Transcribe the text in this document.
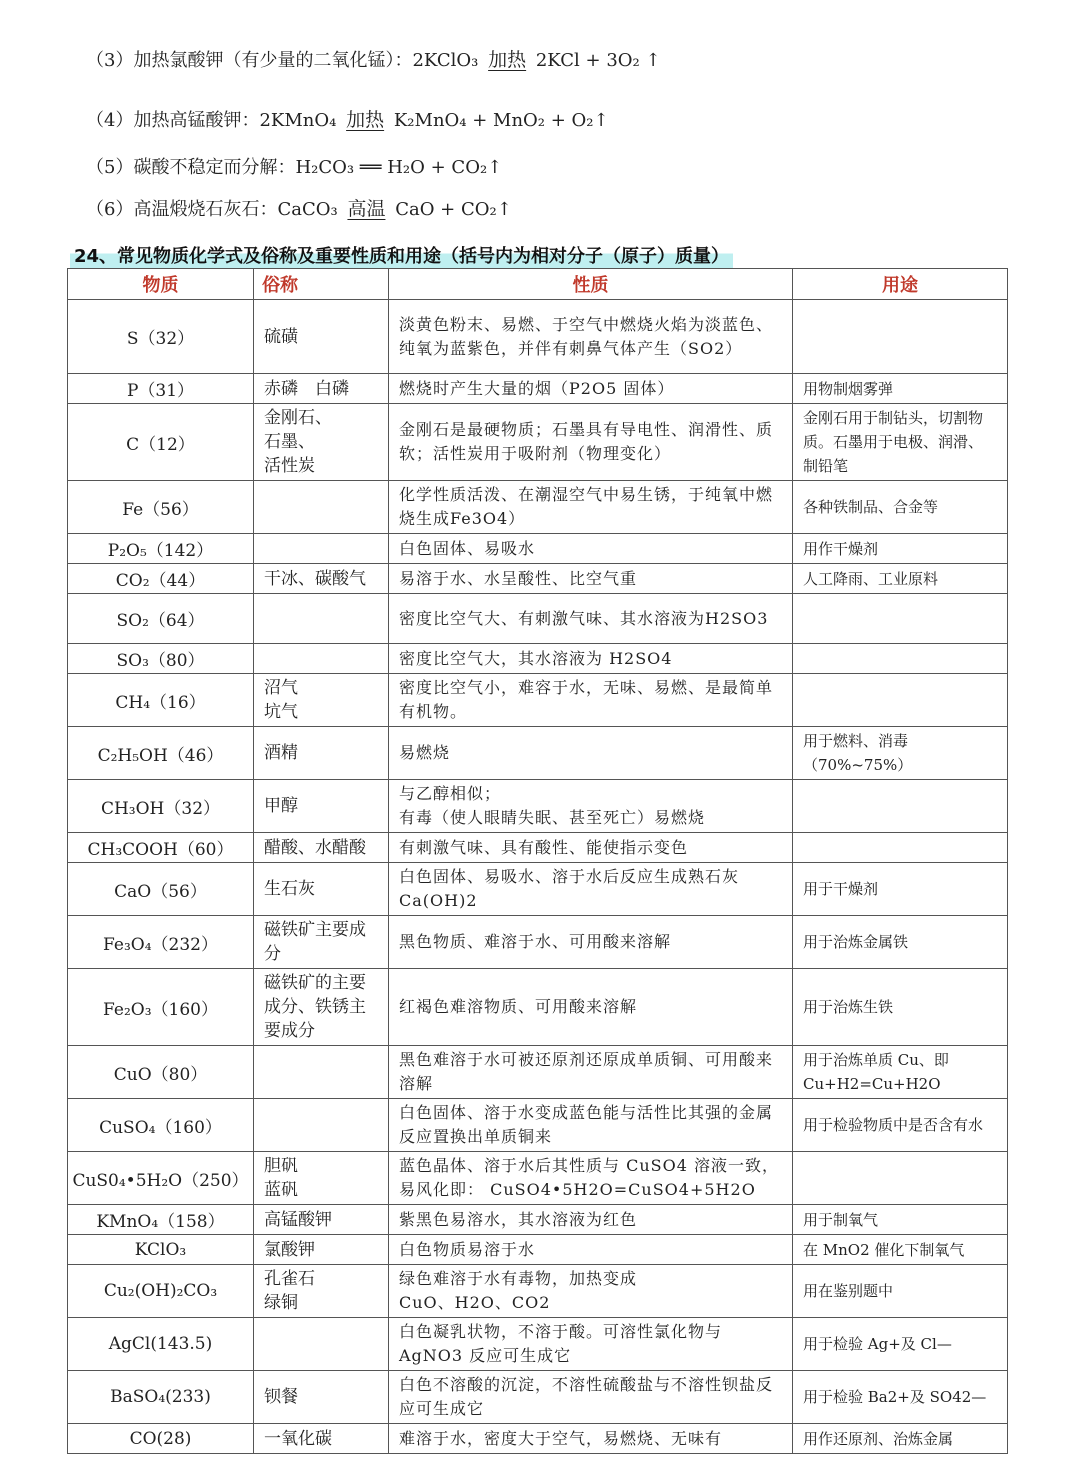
（3）加热氯酸钾（有少量的二氧化锰）：2KClO₃ 加热 2KCl + 3O₂ ↑
（4）加热高锰酸钾：2KMnO₄ 加热 K₂MnO₄ + MnO₂ + O₂↑
（5）碳酸不稳定而分解：H₂CO₃ ══ H₂O + CO₂↑
（6）高温煅烧石灰石：CaCO₃ 高温 CaO + CO₂↑
24、常见物质化学式及俗称及重要性质和用途（括号内为相对分子（原子）质量）
物质	俗称	性质	用途
S（32）	硫磺	淡黄色粉末、易燃、于空气中燃烧火焰为淡蓝色、纯氧为蓝紫色，并伴有刺鼻气体产生（SO2）	
P（31）	赤磷　白磷	燃烧时产生大量的烟（P2O5 固体）	用物制烟雾弹
C（12）	金刚石、
石墨、
活性炭	金刚石是最硬物质；石墨具有导电性、润滑性、质软；活性炭用于吸附剂（物理变化）	金刚石用于制钻头，切割物质。石墨用于电极、润滑、制铅笔
Fe（56）		化学性质活泼、在潮湿空气中易生锈，于纯氧中燃烧生成Fe3O4）	各种铁制品、合金等
P₂O₅（142）		白色固体、易吸水	用作干燥剂
CO₂（44）	干冰、碳酸气	易溶于水、水呈酸性、比空气重	人工降雨、工业原料
SO₂（64）		密度比空气大、有刺激气味、其水溶液为H2SO3	
SO₃（80）		密度比空气大，其水溶液为 H2SO4	
CH₄（16）	沼气
坑气	密度比空气小，难容于水，无味、易燃、是最简单有机物。	
C₂H₅OH（46）	酒精	易燃烧	用于燃料、消毒（70%~75%）
CH₃OH（32）	甲醇	与乙醇相似；
有毒（使人眼睛失眠、甚至死亡）易燃烧	
CH₃COOH（60）	醋酸、水醋酸	有刺激气味、具有酸性、能使指示变色	
CaO（56）	生石灰	白色固体、易吸水、溶于水后反应生成熟石灰 Ca(OH)2	用于干燥剂
Fe₃O₄（232）	磁铁矿主要成分	黑色物质、难溶于水、可用酸来溶解	用于治炼金属铁
Fe₂O₃（160）	磁铁矿的主要成分、铁锈主要成分	红褐色难溶物质、可用酸来溶解	用于治炼生铁
CuO（80）		黑色难溶于水可被还原剂还原成单质铜、可用酸来溶解	用于治炼单质 Cu、即Cu+H2=Cu+H2O
CuSO₄（160）		白色固体、溶于水变成蓝色能与活性比其强的金属反应置换出单质铜来	用于检验物质中是否含有水
CuS0₄•5H₂O（250）	胆矾
蓝矾	蓝色晶体、溶于水后其性质与 CuSO4 溶液一致，易风化即： CuSO4•5H2O=CuSO4+5H2O	
KMnO₄（158）	高锰酸钾	紫黑色易溶水，其水溶液为红色	用于制氧气
KClO₃	氯酸钾	白色物质易溶于水	在 MnO2 催化下制氧气
Cu₂(OH)₂CO₃	孔雀石
绿铜	绿色难溶于水有毒物，加热变成
CuO、H2O、CO2	用在鉴别题中
AgCl(143.5)		白色凝乳状物，不溶于酸。可溶性氯化物与 AgNO3 反应可生成它	用于检验 Ag+及 Cl—
BaSO₄(233)	钡餐	白色不溶酸的沉淀，不溶性硫酸盐与不溶性钡盐反应可生成它	用于检验 Ba2+及 SO42—
CO(28)	一氧化碳	难溶于水，密度大于空气，易燃烧、无味有	用作还原剂、治炼金属
